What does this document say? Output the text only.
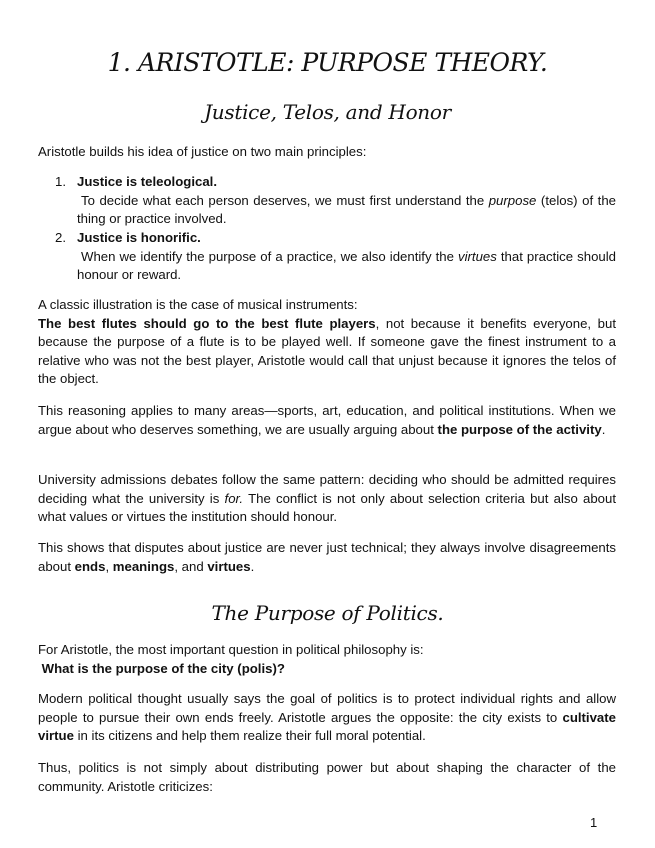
1. ARISTOTLE: PURPOSE THEORY.
Justice, Telos, and Honor

Aristotle builds his idea of justice on two main principles:

1. Justice is teleological.
To decide what each person deserves, we must first understand the purpose (telos) of the thing or practice involved.
2. Justice is honorific.
When we identify the purpose of a practice, we also identify the virtues that practice should honour or reward.
A classic illustration is the case of musical instruments:
The best flutes should go to the best flute players, not because it benefits everyone, but because the purpose of a flute is to be played well. If someone gave the finest instrument to a relative who was not the best player, Aristotle would call that unjust because it ignores the telos of the object.

This reasoning applies to many areas—sports, art, education, and political institutions. When we argue about who deserves something, we are usually arguing about the purpose of the activity.

University admissions debates follow the same pattern: deciding who should be admitted requires deciding what the university is for. The conflict is not only about selection criteria but also about what values or virtues the institution should honour.

This shows that disputes about justice are never just technical; they always involve disagreements about ends, meanings, and virtues.

The Purpose of Politics.
For Aristotle, the most important question in political philosophy is:
What is the purpose of the city (polis)?

Modern political thought usually says the goal of politics is to protect individual rights and allow people to pursue their own ends freely. Aristotle argues the opposite: the city exists to cultivate virtue in its citizens and help them realize their full moral potential.

Thus, politics is not simply about distributing power but about shaping the character of the community. Aristotle criticizes:

1
